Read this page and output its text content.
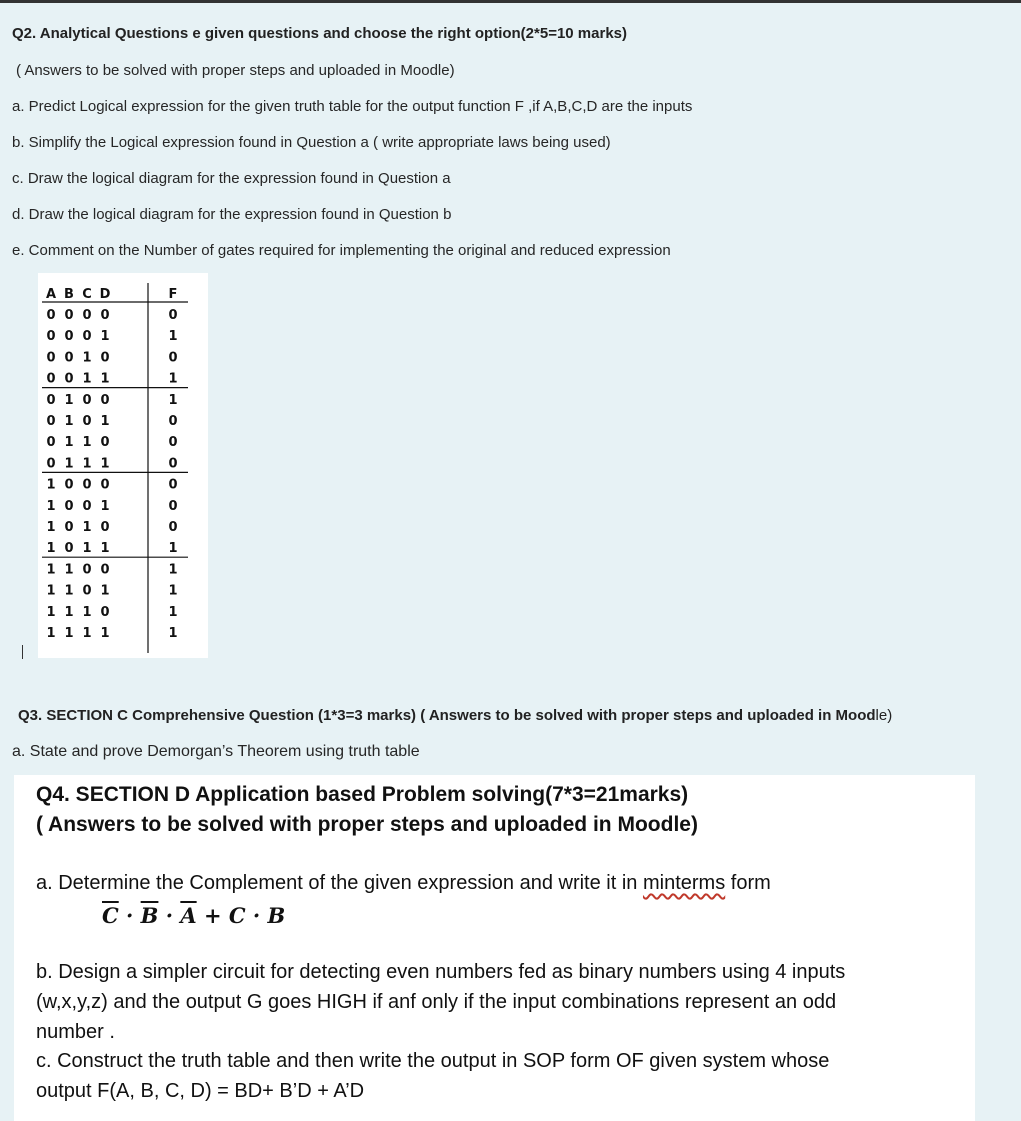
Q2. Analytical Questions e given questions and choose the right option(2*5=10 marks)
( Answers to be solved with proper steps and uploaded in Moodle)
a. Predict Logical expression for the given truth table for the output function F ,if A,B,C,D are the inputs
b. Simplify the Logical expression found in Question a ( write appropriate laws being used)
c. Draw the logical diagram for the expression found in Question a
d. Draw the logical diagram for the expression found in Question b
e. Comment on the Number of gates required for implementing the original and reduced expression
A B C D	F
0 0 0 0	0
0 0 0 1	1
0 0 1 0	0
0 0 1 1	1
0 1 0 0	1
0 1 0 1	0
0 1 1 0	0
0 1 1 1	0
1 0 0 0	0
1 0 0 1	0
1 0 1 0	0
1 0 1 1	1
1 1 0 0	1
1 1 0 1	1
1 1 1 0	1
1 1 1 1	1
Q3. SECTION C Comprehensive Question (1*3=3 marks) ( Answers to be solved with proper steps and uploaded in Moodle)
a. State and prove Demorgan’s Theorem using truth table
Q4. SECTION D Application based Problem solving(7*3=21marks)
( Answers to be solved with proper steps and uploaded in Moodle)
a. Determine the Complement of the given expression and write it in minterms form
$\overline{C} \cdot \overline{B} \cdot \overline{A} + C \cdot B$
b. Design a simpler circuit for detecting even numbers fed as binary numbers using 4 inputs
(w,x,y,z) and the output G goes HIGH if anf only if the input combinations represent an odd
number .
c. Construct the truth table and then write the output in SOP form OF given system whose
output F(A, B, C, D) = BD+ B’D + A’D
